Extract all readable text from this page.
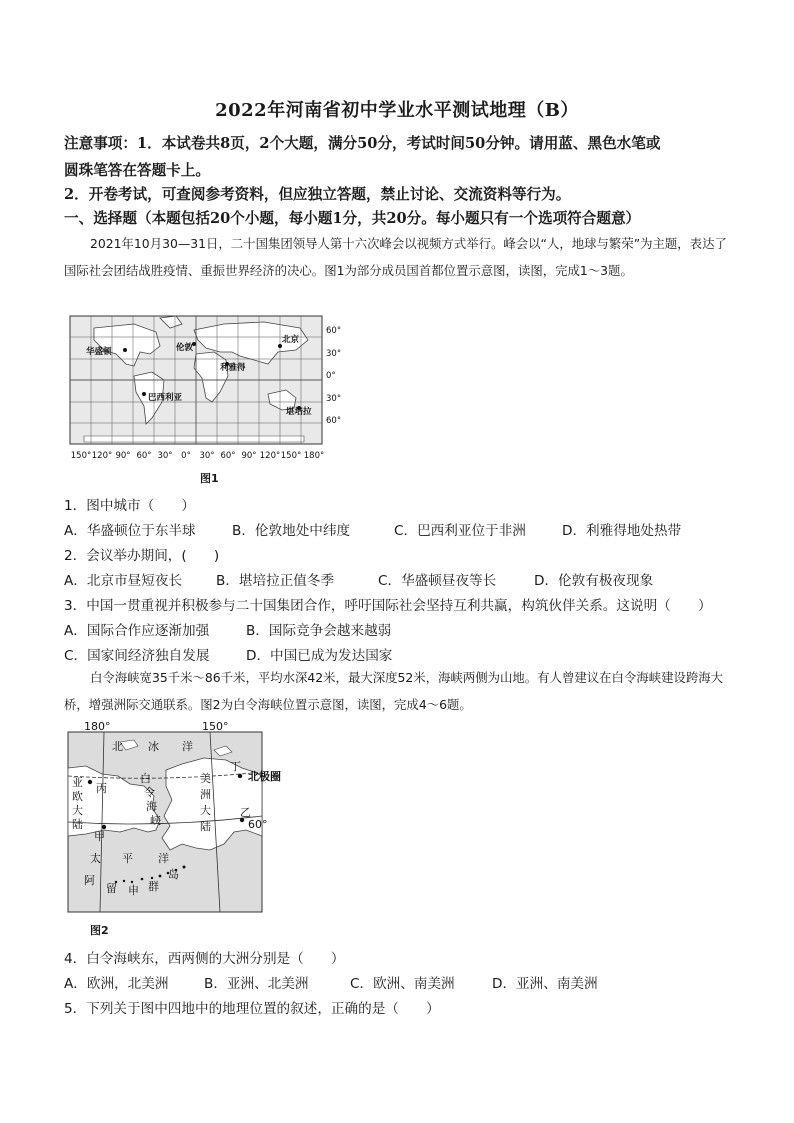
2022年河南省初中学业水平测试地理（B）
注意事项：1．本试卷共8页，2个大题，满分50分，考试时间50分钟。请用蓝、黑色水笔或
圆珠笔答在答题卡上。
2．开卷考试，可查阅参考资料，但应独立答题，禁止讨论、交流资料等行为。
一、选择题（本题包括20个小题，每小题1分，共20分。每小题只有一个选项符合题意）
2021年10月30—31日，二十国集团领导人第十六次峰会以视频方式举行。峰会以“人，地球与繁荣”为主题，表达了国际社会团结战胜疫情、重振世界经济的决心。图1为部分成员国首都位置示意图，读图，完成1～3题。
华盛顿	伦敦
北京
利雅得
巴西利亚
堪培拉
60°
30°
0°
30°
60°
150° 120° 90° 60° 30° 0° 30° 60° 90° 120° 150° 180°
图1
1．图中城市（　　）
A．华盛顿位于东半球	B．伦敦地处中纬度	C．巴西利亚位于非洲	D．利雅得地处热带
2．会议举办期间，(　　)
A．北京市昼短夜长 B．堪培拉正值冬季	C．华盛顿昼夜等长	D．伦敦有极夜现象
3．中国一贯重视并积极参与二十国集团合作，呼吁国际社会坚持互利共赢，构筑伙伴关系。这说明（　　）
A．国际合作应逐渐加强	B．国际竞争会越来越弱
C．国家间经济独自发展	D．中国已成为发达国家
白令海峡宽35千米～86千米，平均水深42米，最大深度52米，海峡两侧为山地。有人曾建议在白令海峡建设跨海大桥，增强洲际交通联系。图2为白令海峡位置示意图，读图，完成4～6题。
180°	150°
60°
北极圈
北 冰 洋
亚
欧
大
陆
美
洲
大
陆
白
令
海
峡
太 平 洋
阿
留 申 群
岛
甲
乙
丙
丁
图2
4．白令海峡东，西两侧的大洲分别是（　　）
A．欧洲，北美洲	B．亚洲、北美洲	C．欧洲、南美洲	D．亚洲、南美洲
5．下列关于图中四地中的地理位置的叙述，正确的是（　　）
